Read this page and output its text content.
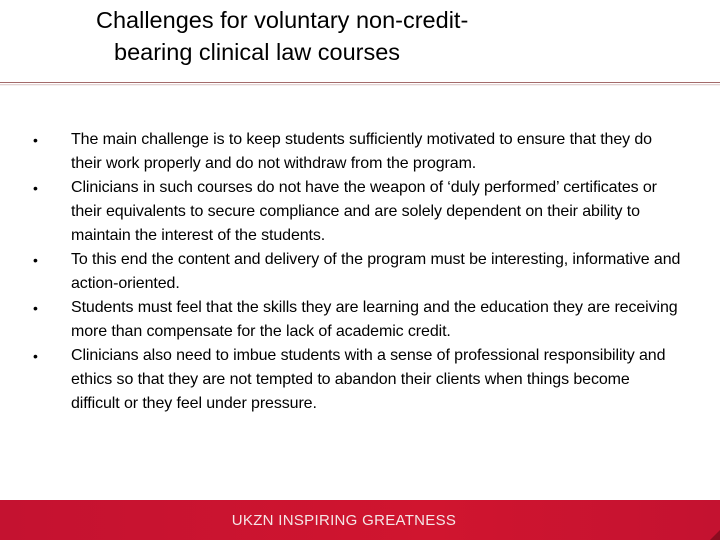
Challenges for voluntary non-credit-
bearing clinical law courses
• The main challenge is to keep students sufficiently motivated to ensure that they do their work properly and do not withdraw from the program.
• Clinicians in such courses do not have the weapon of ‘duly performed’ certificates or their equivalents to secure compliance and are solely dependent on their ability to maintain the interest of the students.
• To this end the content and delivery of the program must be interesting, informative and action-oriented.
• Students must feel that the skills they are learning and the education they are receiving more than compensate for the lack of academic credit.
• Clinicians also need to imbue students with a sense of professional responsibility and ethics so that they are not tempted to abandon their clients when things become difficult or they feel under pressure.
UKZN INSPIRING GREATNESS
